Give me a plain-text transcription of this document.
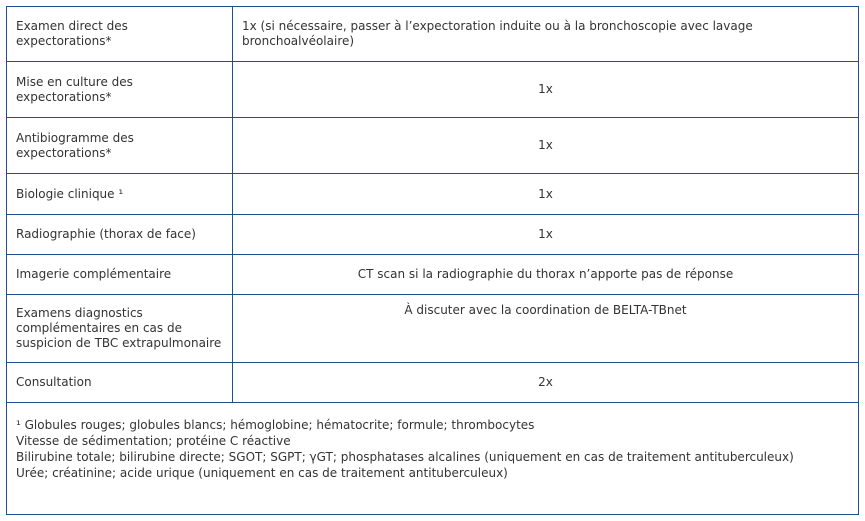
Examen direct des expectorations*	1x (si nécessaire, passer à l’expectoration induite ou à la bronchoscopie avec lavage bronchoalvéolaire)
Mise en culture des expectorations*	1x
Antibiogramme des expectorations*	1x
Biologie clinique ¹	1x
Radiographie (thorax de face)	1x
Imagerie complémentaire	CT scan si la radiographie du thorax n’apporte pas de réponse
Examens diagnostics complémentaires en cas de suspicion de TBC extrapulmonaire	À discuter avec la coordination de BELTA-TBnet
Consultation	2x

¹ Globules rouges; globules blancs; hémoglobine; hématocrite; formule; thrombocytes
Vitesse de sédimentation; protéine C réactive
Bilirubine totale; bilirubine directe; SGOT; SGPT; γGT; phosphatases alcalines (uniquement en cas de traitement antituberculeux)
Urée; créatinine; acide urique (uniquement en cas de traitement antituberculeux)	
